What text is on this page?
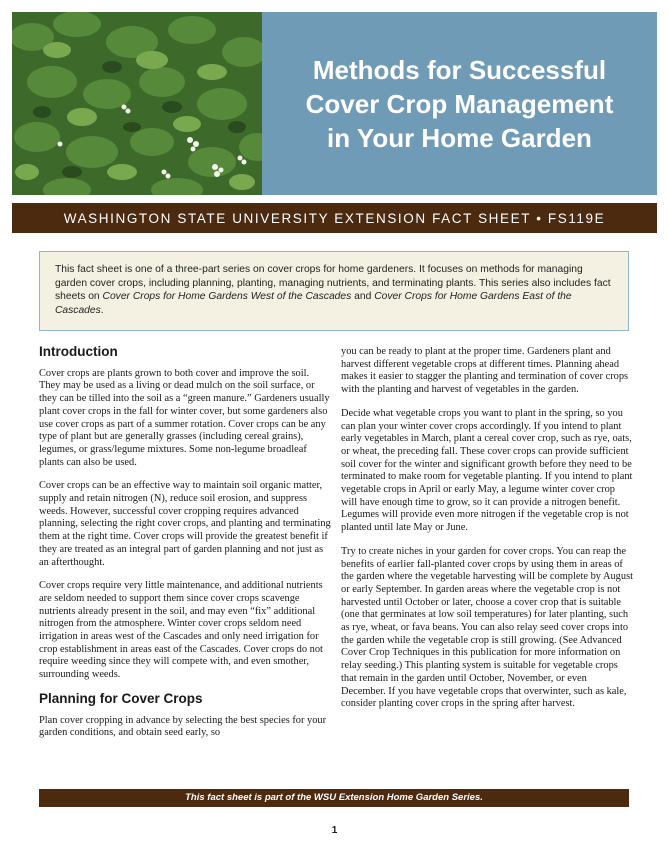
Methods for Successful
Cover Crop Management
in Your Home Garden
WASHINGTON STATE UNIVERSITY EXTENSION FACT SHEET • FS119E

This fact sheet is one of a three-part series on cover crops for home gardeners. It focuses on methods for managing garden cover crops, including planning, planting, managing nutrients, and terminating plants. This series also includes fact sheets on Cover Crops for Home Gardens West of the Cascades and Cover Crops for Home Gardens East of the Cascades.

Introduction

Cover crops are plants grown to both cover and improve the soil. They may be used as a living or dead mulch on the soil surface, or they can be tilled into the soil as a “green manure.” Gardeners usually plant cover crops in the fall for winter cover, but some gardeners also use cover crops as part of a summer rotation. Cover crops can be any type of plant but are generally grasses (including cereal grains), legumes, or grass/legume mixtures. Some non-legume broadleaf plants can also be used.

Cover crops can be an effective way to maintain soil organic matter, supply and retain nitrogen (N), reduce soil erosion, and suppress weeds. However, successful cover cropping requires advanced planning, selecting the right cover crops, and planting and terminating them at the right time. Cover crops will provide the greatest benefit if they are treated as an integral part of garden planning and not just as an afterthought.

Cover crops require very little maintenance, and additional nutrients are seldom needed to support them since cover crops scavenge nutrients already present in the soil, and may even “fix” additional nitrogen from the atmosphere. Winter cover crops seldom need irrigation in areas west of the Cascades and only need irrigation for crop establishment in areas east of the Cascades. Cover crops do not require weeding since they will compete with, and even smother, surrounding weeds.

Planning for Cover Crops

Plan cover cropping in advance by selecting the best species for your garden conditions, and obtain seed early, so

you can be ready to plant at the proper time. Gardeners plant and harvest different vegetable crops at different times. Planning ahead makes it easier to stagger the planting and termination of cover crops with the planting and harvest of vegetables in the garden.

Decide what vegetable crops you want to plant in the spring, so you can plan your winter cover crops accordingly. If you intend to plant early vegetables in March, plant a cereal cover crop, such as rye, oats, or wheat, the preceding fall. These cover crops can provide sufficient soil cover for the winter and significant growth before they need to be terminated to make room for vegetable planting. If you intend to plant vegetable crops in April or early May, a legume winter cover crop will have enough time to grow, so it can provide a nitrogen benefit. Legumes will provide even more nitrogen if the vegetable crop is not planted until late May or June.

Try to create niches in your garden for cover crops. You can reap the benefits of earlier fall-planted cover crops by using them in areas of the garden where the vegetable harvesting will be complete by August or early September. In garden areas where the vegetable crop is not harvested until October or later, choose a cover crop that is suitable (one that germinates at low soil temperatures) for later planting, such as rye, wheat, or fava beans. You can also relay seed cover crops into the garden while the vegetable crop is still growing. (See Advanced Cover Crop Techniques in this publication for more information on relay seeding.) This planting system is suitable for vegetable crops that remain in the garden until October, November, or even December. If you have vegetable crops that overwinter, such as kale, consider planting cover crops in the spring after harvest.

This fact sheet is part of the WSU Extension Home Garden Series.
1
